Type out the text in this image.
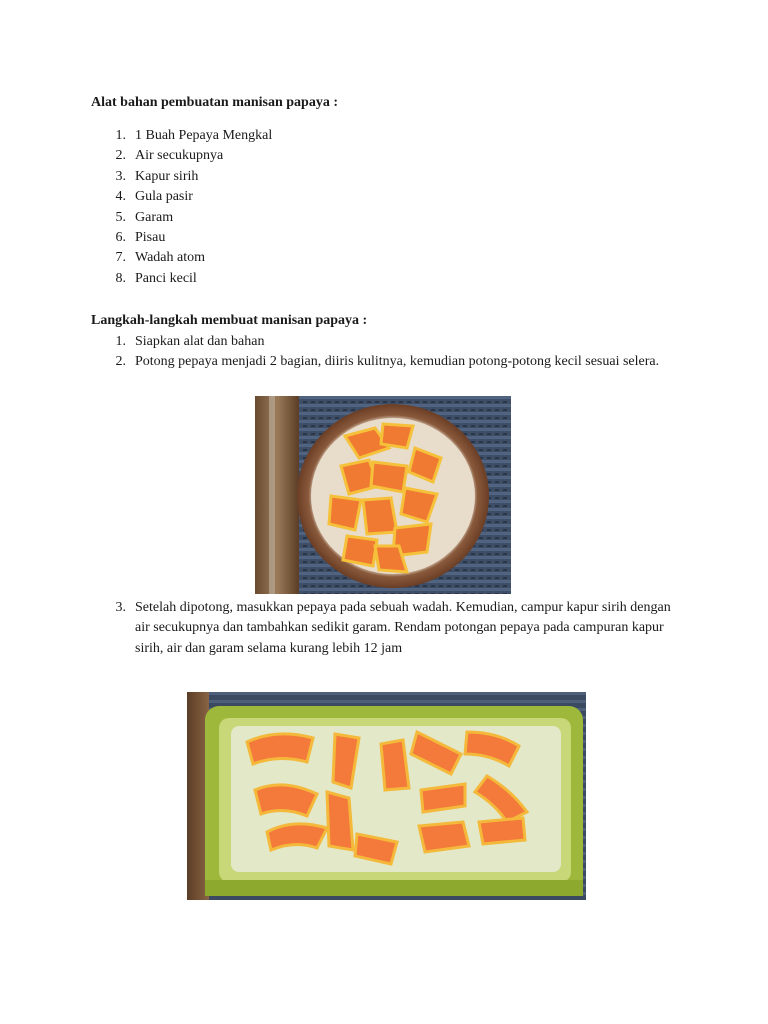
Alat bahan pembuatan manisan papaya :

1. 1 Buah Pepaya Mengkal
2. Air secukupnya
3. Kapur sirih
4. Gula pasir
5. Garam
6. Pisau
7. Wadah atom
8. Panci kecil

Langkah-langkah membuat manisan papaya :

1. Siapkan alat dan bahan
2. Potong pepaya menjadi 2 bagian, diiris kulitnya, kemudian potong-potong kecil sesuai selera.
3. Setelah dipotong, masukkan pepaya pada sebuah wadah. Kemudian, campur kapur sirih dengan air secukupnya dan tambahkan sedikit garam. Rendam potongan pepaya pada campuran kapur sirih, air dan garam selama kurang lebih 12 jam
